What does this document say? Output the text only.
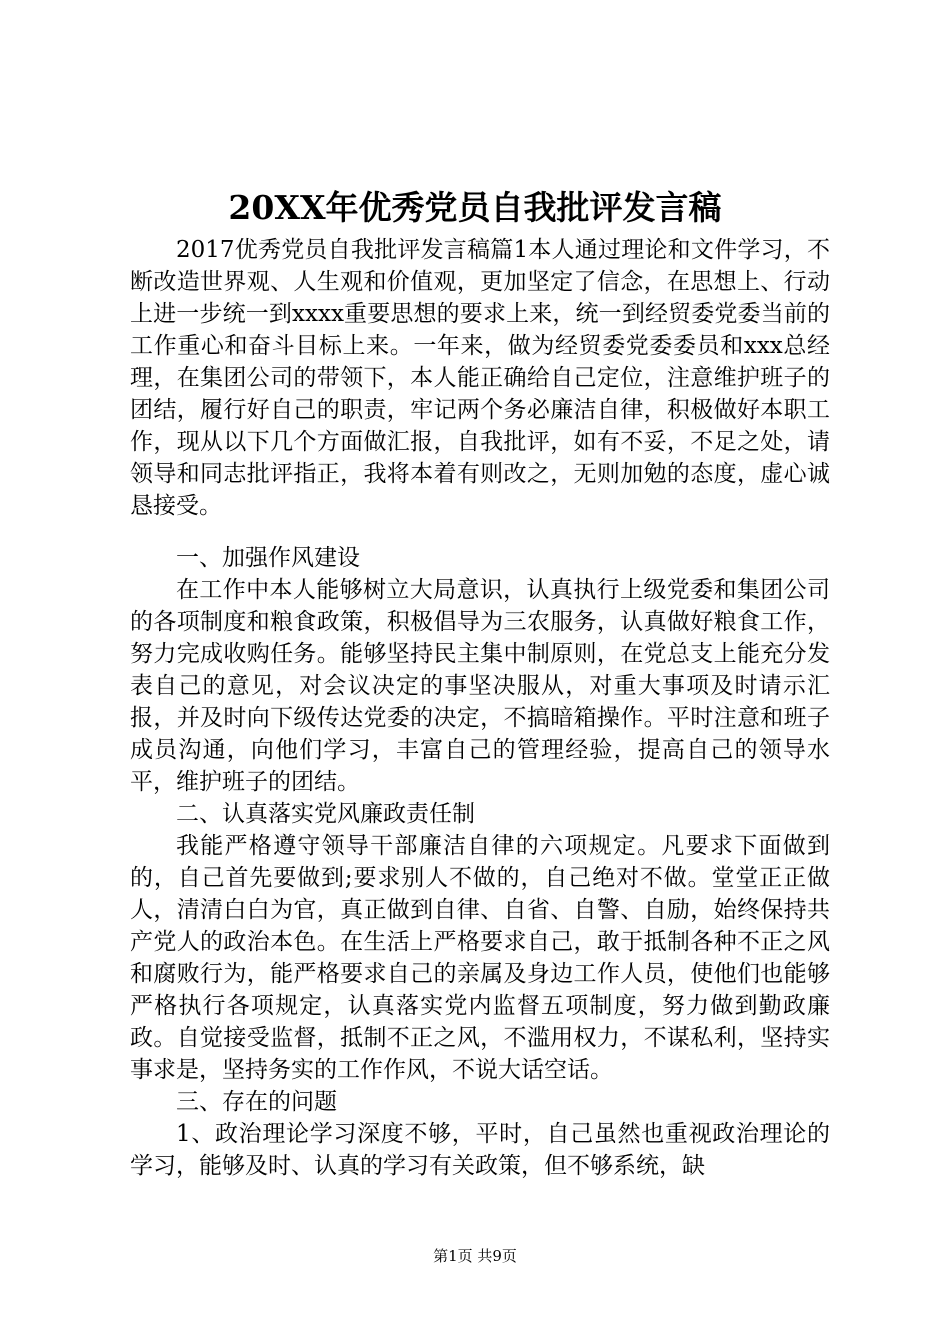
20XX年优秀党员自我批评发言稿

2017优秀党员自我批评发言稿篇1本人通过理论和文件学习，不断改造世界观、人生观和价值观，更加坚定了信念，在思想上、行动上进一步统一到xxxx重要思想的要求上来，统一到经贸委党委当前的工作重心和奋斗目标上来。一年来，做为经贸委党委委员和xxx总经理，在集团公司的带领下，本人能正确给自己定位，注意维护班子的团结，履行好自己的职责，牢记两个务必廉洁自律，积极做好本职工作，现从以下几个方面做汇报，自我批评，如有不妥，不足之处，请领导和同志批评指正，我将本着有则改之，无则加勉的态度，虚心诚恳接受。

一、加强作风建设

在工作中本人能够树立大局意识，认真执行上级党委和集团公司的各项制度和粮食政策，积极倡导为三农服务，认真做好粮食工作，努力完成收购任务。能够坚持民主集中制原则，在党总支上能充分发表自己的意见，对会议决定的事坚决服从，对重大事项及时请示汇报，并及时向下级传达党委的决定，不搞暗箱操作。平时注意和班子成员沟通，向他们学习，丰富自己的管理经验，提高自己的领导水平，维护班子的团结。

二、认真落实党风廉政责任制

我能严格遵守领导干部廉洁自律的六项规定。凡要求下面做到的，自己首先要做到;要求别人不做的，自己绝对不做。堂堂正正做人，清清白白为官，真正做到自律、自省、自警、自励，始终保持共产党人的政治本色。在生活上严格要求自己，敢于抵制各种不正之风和腐败行为，能严格要求自己的亲属及身边工作人员，使他们也能够严格执行各项规定，认真落实党内监督五项制度，努力做到勤政廉政。自觉接受监督，抵制不正之风，不滥用权力，不谋私利，坚持实事求是，坚持务实的工作作风，不说大话空话。

三、存在的问题

1、政治理论学习深度不够，平时，自己虽然也重视政治理论的学习，能够及时、认真的学习有关政策，但不够系统，缺

第1页 共9页
